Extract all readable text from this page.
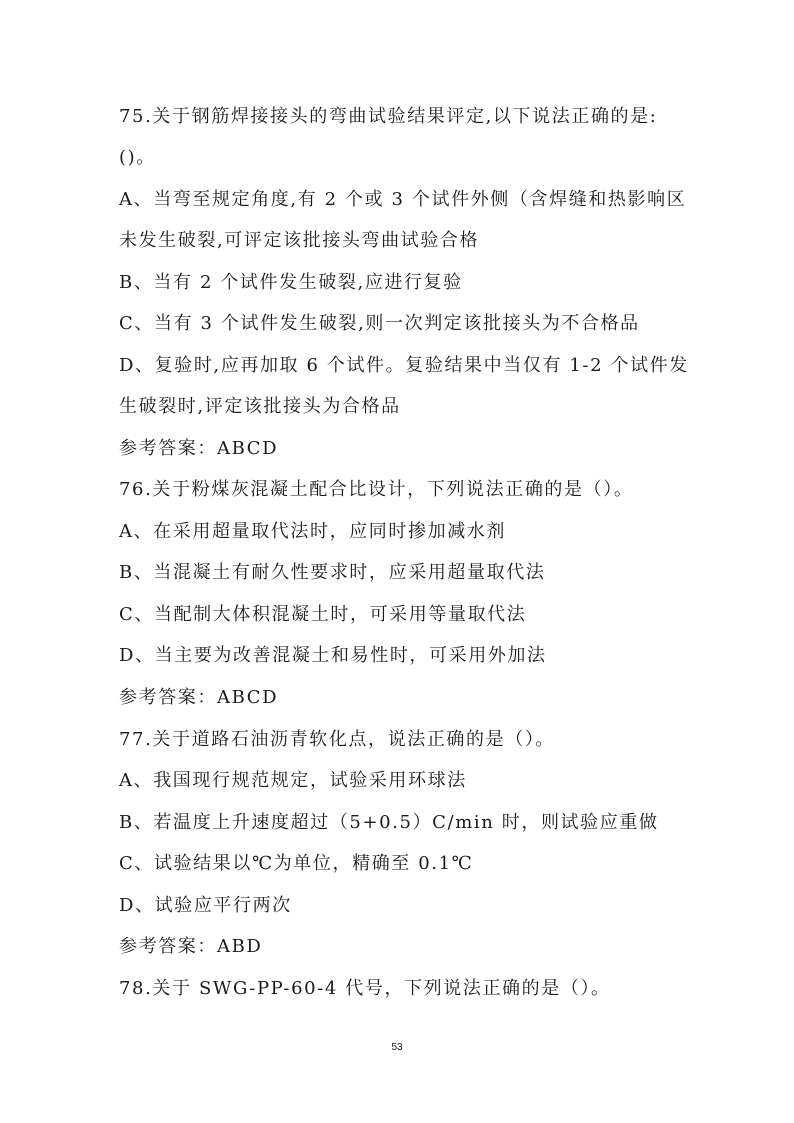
75.关于钢筋焊接接头的弯曲试验结果评定,以下说法正确的是:
()。
A、当弯至规定角度,有 2 个或 3 个试件外侧（含焊缝和热影响区
未发生破裂,可评定该批接头弯曲试验合格
B、当有 2 个试件发生破裂,应进行复验
C、当有 3 个试件发生破裂,则一次判定该批接头为不合格品
D、复验时,应再加取 6 个试件。复验结果中当仅有 1-2 个试件发
生破裂时,评定该批接头为合格品
参考答案：ABCD
76.关于粉煤灰混凝土配合比设计，下列说法正确的是（）。
A、在采用超量取代法时，应同时掺加减水剂
B、当混凝土有耐久性要求时，应采用超量取代法
C、当配制大体积混凝土时，可采用等量取代法
D、当主要为改善混凝土和易性时，可采用外加法
参考答案：ABCD
77.关于道路石油沥青软化点，说法正确的是（）。
A、我国现行规范规定，试验采用环球法
B、若温度上升速度超过（5+0.5）C/min 时，则试验应重做
C、试验结果以℃为单位，精确至 0.1℃
D、试验应平行两次
参考答案：ABD
78.关于 SWG-PP-60-4 代号，下列说法正确的是（）。
53
